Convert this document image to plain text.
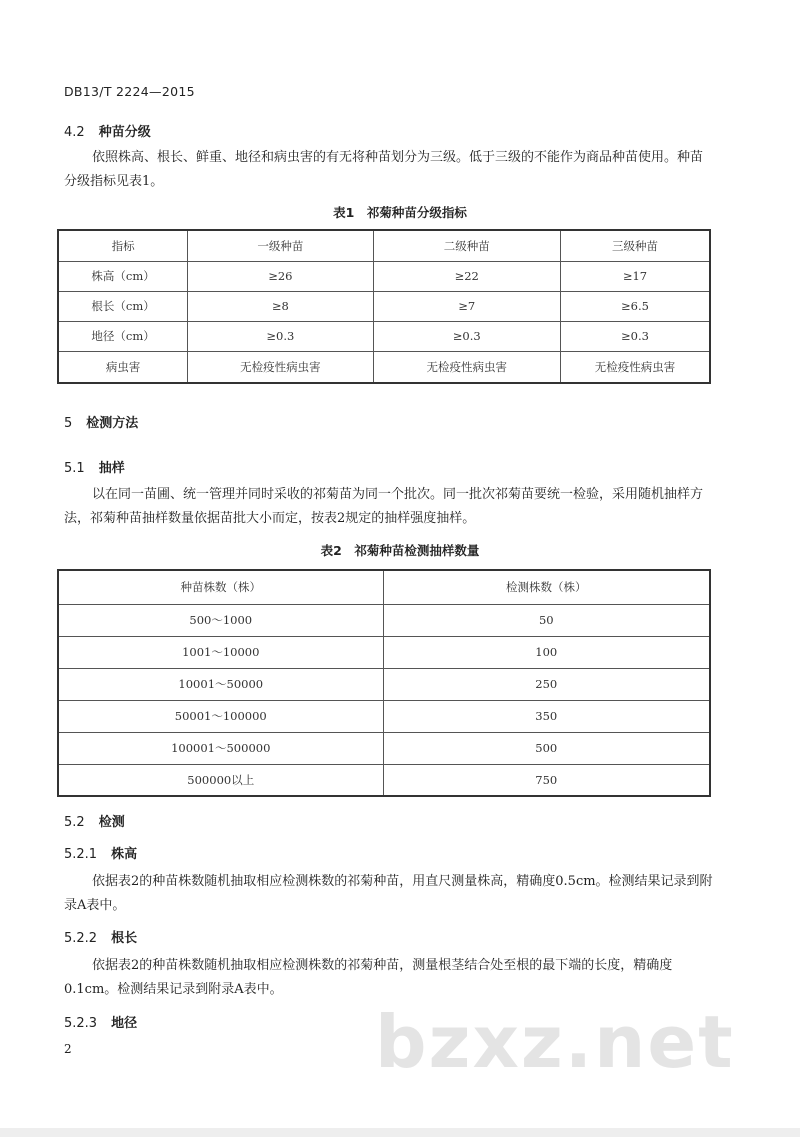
DB13/T 2224—2015
4.2 种苗分级
依照株高、根长、鲜重、地径和病虫害的有无将种苗划分为三级。低于三级的不能作为商品种苗使用。种苗分级指标见表1。
表1　祁菊种苗分级指标
指标	一级种苗	二级种苗	三级种苗
株高（cm）	≥26	≥22	≥17
根长（cm）	≥8	≥7	≥6.5
地径（cm）	≥0.3	≥0.3	≥0.3
病虫害	无检疫性病虫害	无检疫性病虫害	无检疫性病虫害
5 检测方法
5.1 抽样
以在同一苗圃、统一管理并同时采收的祁菊苗为同一个批次。同一批次祁菊苗要统一检验，采用随机抽样方法，祁菊种苗抽样数量依据苗批大小而定，按表2规定的抽样强度抽样。
表2　祁菊种苗检测抽样数量
种苗株数（株）	检测株数（株）
500～1000	50
1001～10000	100
10001～50000	250
50001～100000	350
100001～500000	500
500000以上	750
5.2 检测
5.2.1 株高
依据表2的种苗株数随机抽取相应检测株数的祁菊种苗，用直尺测量株高，精确度0.5cm。检测结果记录到附录A表中。
5.2.2 根长
依据表2的种苗株数随机抽取相应检测株数的祁菊种苗，测量根茎结合处至根的最下端的长度，精确度0.1cm。检测结果记录到附录A表中。
bzxz.net
5.2.3 地径
2
